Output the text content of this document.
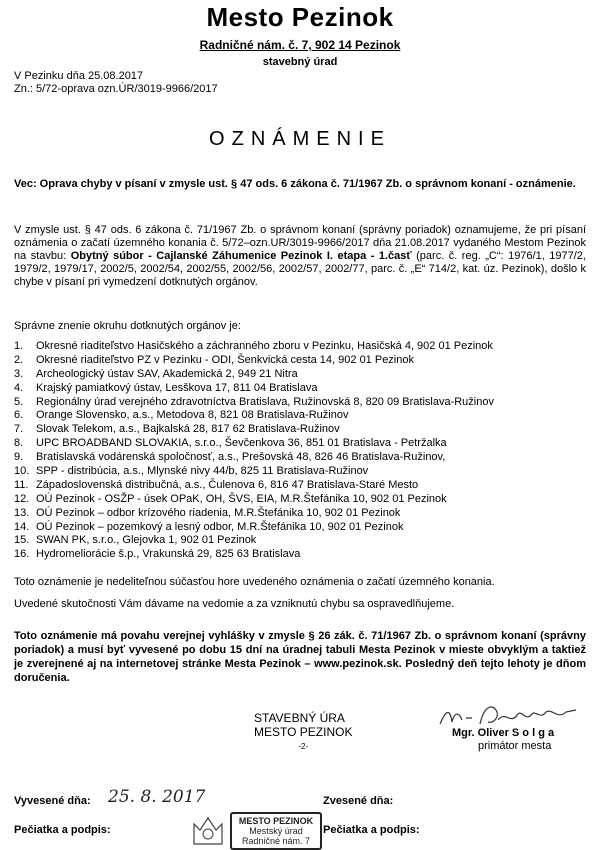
Mesto Pezinok
Radničné nám. č. 7, 902 14 Pezinok
stavebný úrad
V Pezinku dňa 25.08.2017
Zn.: 5/72-oprava ozn.ÚR/3019-9966/2017
OZNÁMENIE
Vec: Oprava chyby v písaní v zmysle ust. § 47 ods. 6 zákona č. 71/1967 Zb. o správnom konaní - oznámenie.
V zmysle ust. § 47 ods. 6 zákona č. 71/1967 Zb. o správnom konaní (správny poriadok) oznamujeme, že pri písaní oznámenia o začatí územného konania č. 5/72–ozn.UR/3019-9966/2017 dňa 21.08.2017 vydaného Mestom Pezinok na stavbu: Obytný súbor - Cajlanské Záhumenice Pezinok I. etapa - 1.časť (parc. č. reg. „C“: 1976/1, 1977/2, 1979/2, 1979/17, 2002/5, 2002/54, 2002/55, 2002/56, 2002/57, 2002/77, parc. č. „E“ 714/2, kat. úz. Pezinok), došlo k chybe v písaní pri vymedzení dotknutých orgánov.
Správne znenie okruhu dotknutých orgánov je:
1. Okresné riaditeľstvo Hasičského a záchranného zboru v Pezinku, Hasičská 4, 902 01 Pezinok
2. Okresné riaditeľstvo PZ v Pezinku - ODI, Šenkvická cesta 14, 902 01 Pezinok
3. Archeologický ústav SAV, Akademická 2, 949 21 Nitra
4. Krajský pamiatkový ústav, Lesškova 17, 811 04 Bratislava
5. Regionálny úrad verejného zdravotníctva Bratislava, Ružinovská 8, 820 09 Bratislava-Ružinov
6. Orange Slovensko, a.s., Metodova 8, 821 08 Bratislava-Ružinov
7. Slovak Telekom, a.s., Bajkalská 28, 817 62 Bratislava-Ružinov
8. UPC BROADBAND SLOVAKIA, s.r.o., Ševčenkova 36, 851 01 Bratislava - Petržalka
9. Bratislavská vodárenská spoločnosť, a.s., Prešovská 48, 826 46 Bratislava-Ružinov,
10. SPP - distribúcia, a.s., Mlynské nivy 44/b, 825 11 Bratislava-Ružinov
11. Západoslovenská distribučná, a.s., Čulenova 6, 816 47 Bratislava-Staré Mesto
12. OÚ Pezinok - OSŽP - úsek OPaK, OH, ŠVS, EIA, M.R.Štefánika 10, 902 01 Pezinok
13. OÚ Pezinok – odbor krízového riadenia, M.R.Štefánika 10, 902 01 Pezinok
14. OÚ Pezinok – pozemkový a lesný odbor, M.R.Štefánika 10, 902 01 Pezinok
15. SWAN PK, s.r.o., Glejovka 1, 902 01 Pezinok
16. Hydromeliorácie š.p., Vrakunská 29, 825 63 Bratislava
Toto oznámenie je nedeliteľnou súčasťou hore uvedeného oznámenia o začatí územného konania.
Uvedené skutočnosti Vám dávame na vedomie a za vzniknutú chybu sa ospravedlňujeme.
Toto oznámenie má povahu verejnej vyhlášky v zmysle § 26 zák. č. 71/1967 Zb. o správnom konaní (správny poriadok) a musí byť vyvesené po dobu 15 dní na úradnej tabuli Mesta Pezinok v mieste obvyklým a taktiež je zverejnené aj na internetovej stránke Mesta Pezinok – www.pezinok.sk. Posledný deň tejto lehoty je dňom doručenia.
STAVEBNÝ ÚRA
MESTO PEZINOK
-2-
Mgr. Oliver S o l g a
primátor mesta
Vyvesené dňa: 25. 8. 2017	Zvesené dňa:
Pečiatka a podpis:	Pečiatka a podpis:
MESTO PEZINOK
Mestský úrad
Radničné nám. 7
